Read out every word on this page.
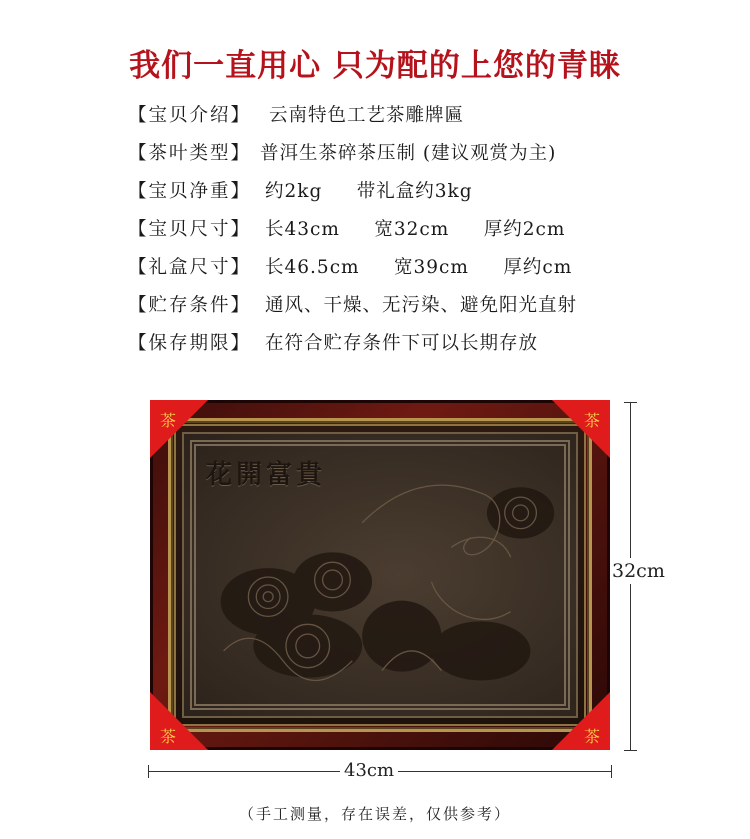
我们一直用心 只为配的上您的青睐
【宝贝介绍】 云南特色工艺茶雕牌匾
【茶叶类型】 普洱生茶碎茶压制 (建议观赏为主)
【宝贝净重】 约2kg     带礼盒约3kg
【宝贝尺寸】 长43cm     宽32cm     厚约2cm
【礼盒尺寸】 长46.5cm     宽39cm     厚约cm
【贮存条件】 通风、干燥、无污染、避免阳光直射
【保存期限】 在符合贮存条件下可以长期存放
花開富貴
茶	茶
茶	茶
32cm
43cm
（手工测量，存在误差，仅供参考）
